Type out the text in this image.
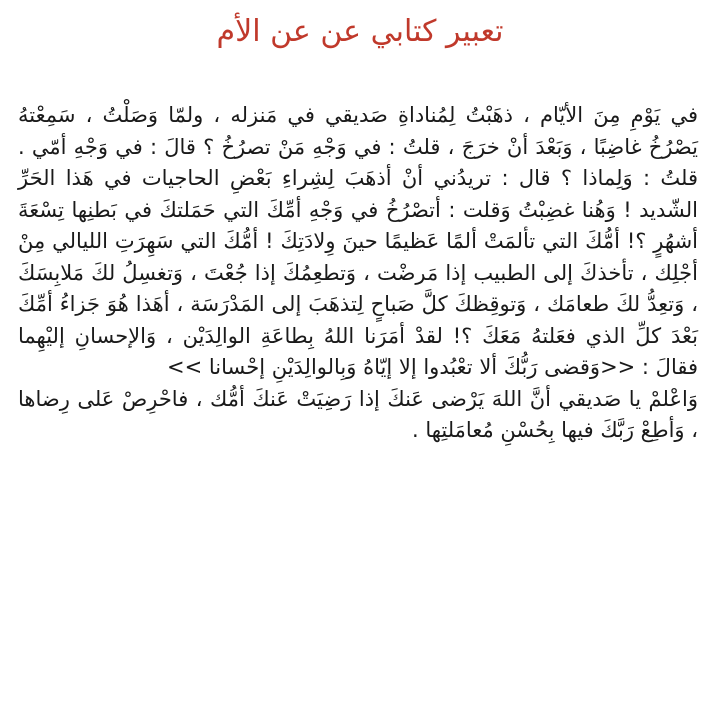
تعبير كتابي عن عن الأم

في يَوْمِ مِنَ الأيّام ، ذهَبْتُ لِمُناداةِ صَديقي في مَنزله ، ولمّا وَصَلْتُ ، سَمِعْتهُ يَصْرُخُ غاضِبًا ، وَبَعْدَ أنْ خرَجَ ، قلتُ : في وَجْهِ مَنْ تصرُخُ ؟ قالَ : في وَجْهِ أمّي . قلتُ : وَلِماذا ؟ قال : تريدُني أنْ أذهَبَ لِشِراءِ بَعْضِ الحاجيات في هَذا الحَرِّ الشّديد ! وَهُنا غضِبْتُ وَقلت : أتصْرُخُ في وَجْهِ أمِّكَ التي حَمَلتكَ في بَطنِها تِسْعَةَ أشهُرٍ ؟! أمُّكَ التي تألمَتْ ألمًا عَظيمًا حينَ وِلادَتِكَ ! أمُّكَ التي سَهِرَتِ الليالي مِنْ أجْلِك ، تأخذكَ إلى الطبيب إذا مَرضْت ، وَتطعِمُكَ إذا جُعْتَ ، وَتغسِلُ لكَ مَلابِسَكَ ، وَتعِدُّ لكَ طعامَك ، وَتوقِظكَ كلَّ صَباحٍ لِتذهَبَ إلى المَدْرَسَة ، أهَذا هُوَ جَزاءُ أمِّكَ بَعْدَ كلِّ الذي فعَلتهُ مَعَكَ ؟! لقدْ أمَرَنا اللهُ بِطاعَةِ الوالِدَيْن ، وَالإحسانِ إليْهِما فقالَ : <<وَقضى رَبُّكَ ألا تعْبُدوا إلا إيّاهُ وَبِالوالِدَيْنِ إحْسانا >>

وَاعْلمْ يا صَديقي أنَّ اللهَ يَرْضى عَنكَ إذا رَضِيَتْ عَنكَ أمُّك ، فاحْرِصْ عَلى رِضاها ، وَأطِعْ رَبَّكَ فيها بِحُسْنِ مُعامَلتِها .
